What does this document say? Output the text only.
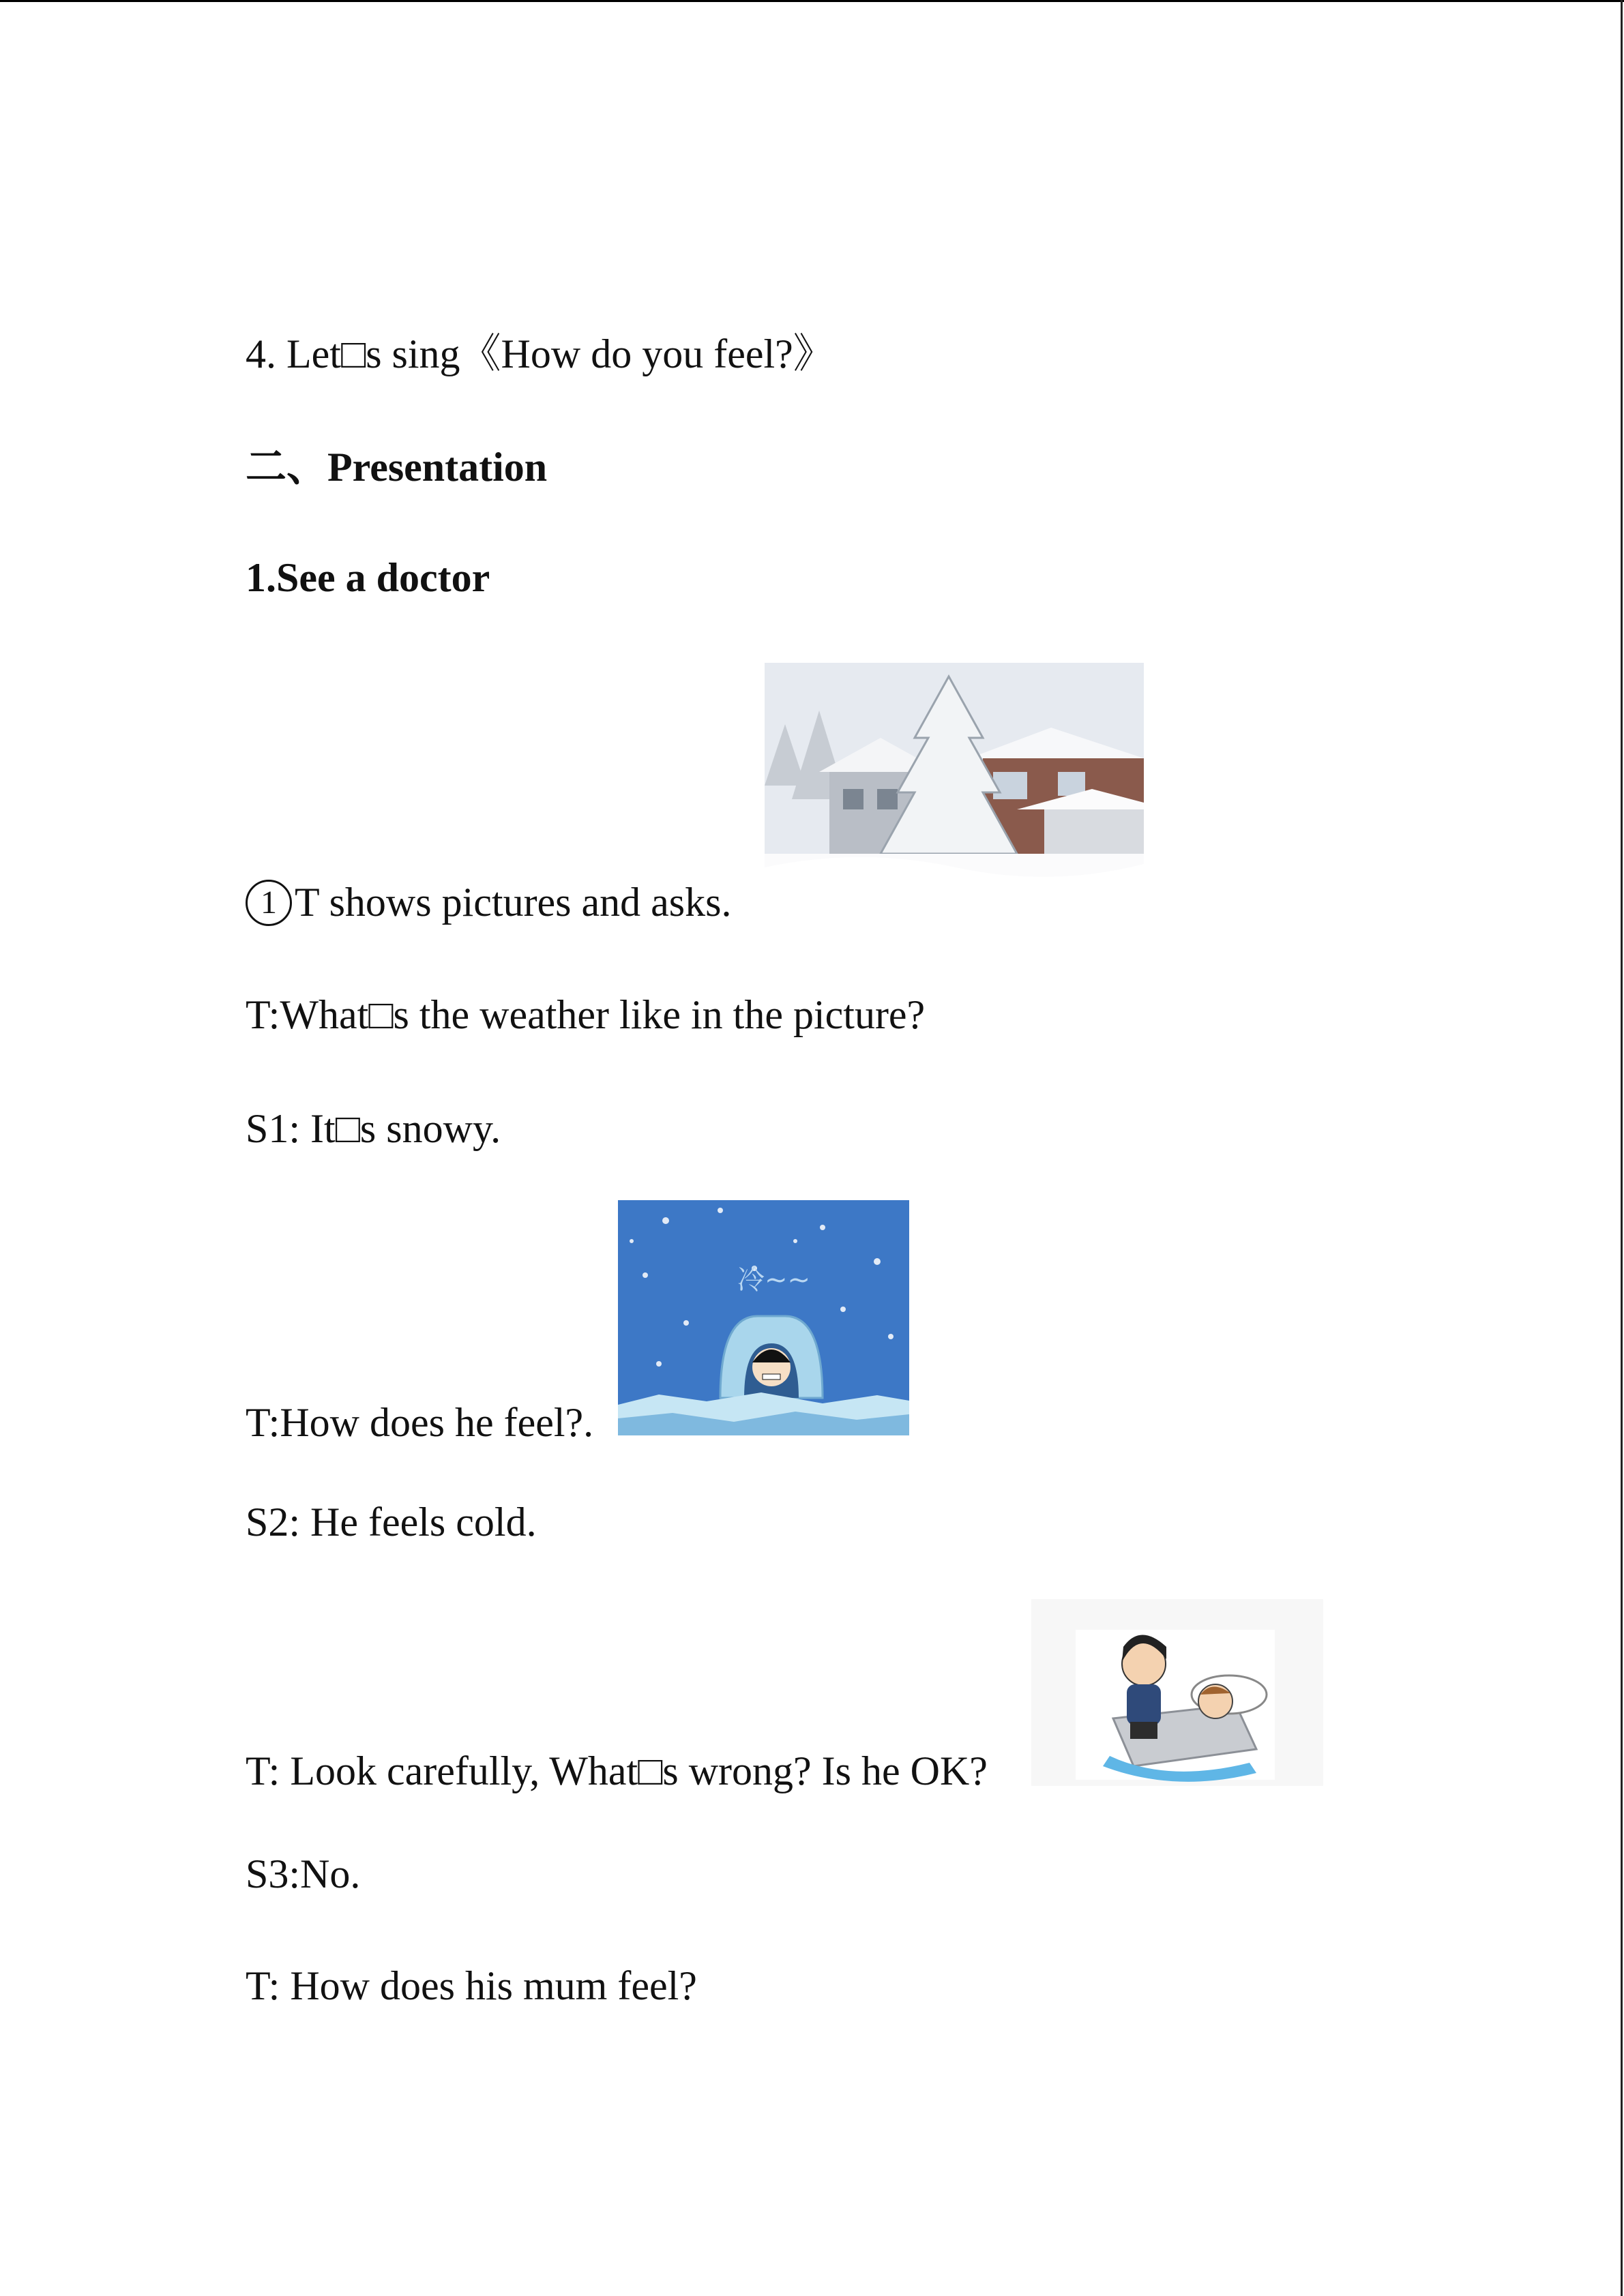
4. Let□s sing《How do you feel?》
二、Presentation
1.See a doctor
1 T shows pictures and asks.
T:What□s the weather like in the picture?
S1: It□s snowy.
冷~~
T:How does he feel?.
S2: He feels cold.
T: Look carefully, What□s wrong? Is he OK?
S3:No.
T: How does his mum feel?
